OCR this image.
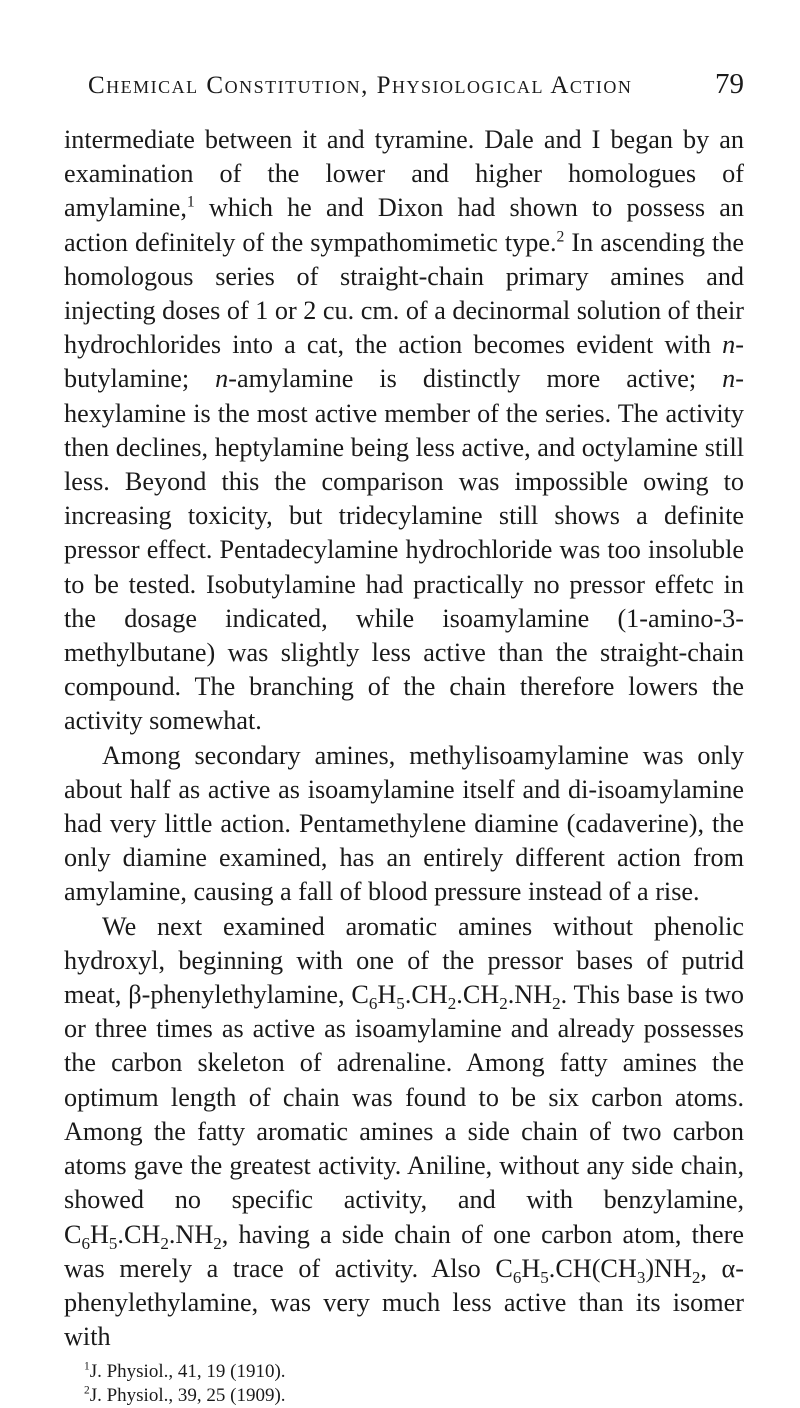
Chemical Constitution, Physiological Action	79

intermediate between it and tyramine. Dale and I began by an examination of the lower and higher homologues of amylamine,$^1$ which he and Dixon had shown to possess an action definitely of the sympathomimetic type.$^2$ In ascending the homologous series of straight-chain primary amines and injecting doses of 1 or 2 cu. cm. of a decinormal solution of their hydrochlorides into a cat, the action becomes evident with n-butylamine; n-amylamine is distinctly more active; n-hexylamine is the most active member of the series. The activity then declines, heptylamine being less active, and octylamine still less. Beyond this the comparison was impossible owing to increasing toxicity, but tridecylamine still shows a definite pressor effect. Pentadecylamine hydrochloride was too insoluble to be tested. Isobutylamine had practically no pressor effetc in the dosage indicated, while isoamylamine (1-amino-3-methylbutane) was slightly less active than the straight-chain compound. The branching of the chain therefore lowers the activity somewhat.

Among secondary amines, methylisoamylamine was only about half as active as isoamylamine itself and di-isoamylamine had very little action. Pentamethylene diamine (cadaverine), the only diamine examined, has an entirely different action from amylamine, causing a fall of blood pressure instead of a rise.

We next examined aromatic amines without phenolic hydroxyl, beginning with one of the pressor bases of putrid meat, β-phenylethylamine, $C_6H_5.CH_2.CH_2.NH_2$. This base is two or three times as active as isoamylamine and already possesses the carbon skeleton of adrenaline. Among fatty amines the optimum length of chain was found to be six carbon atoms. Among the fatty aromatic amines a side chain of two carbon atoms gave the greatest activity. Aniline, without any side chain, showed no specific activity, and with benzylamine, $C_6H_5.CH_2.NH_2$, having a side chain of one carbon atom, there was merely a trace of activity. Also $C_6H_5.CH(CH_3)NH_2$, α-phenylethylamine, was very much less active than its isomer with

$^1$J. Physiol., 41, 19 (1910).
$^2$J. Physiol., 39, 25 (1909).
